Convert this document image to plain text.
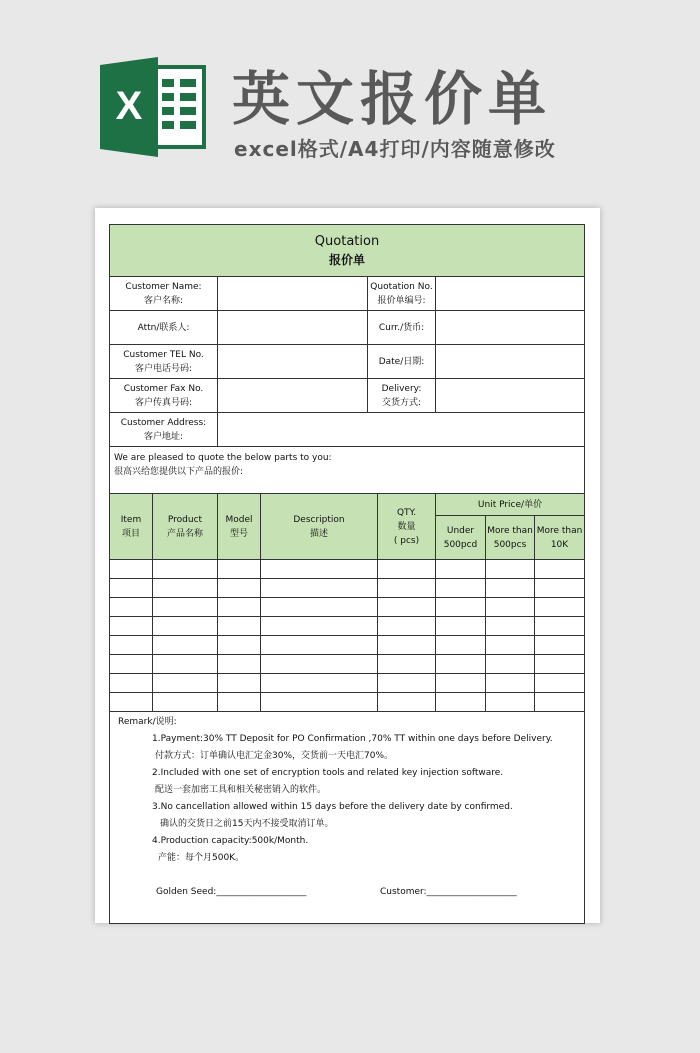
X 英文报价单
excel格式/A4打印/内容随意修改
Quotation
报价单
Customer Name:
客户名称:
Quotation No.
报价单编号:
Attn/联系人:	Curr./货币:
Customer TEL No.
客户电话号码:
Date/日期:
Customer Fax No.
客户传真号码:
Delivery:
交货方式:
Customer Address:
客户地址:
We are pleased to quote the below parts to you:
很高兴给您提供以下产品的报价:
Item
项目
Product
产品名称
Model
型号
Description
描述
QTY.
数量
( pcs)
Unit Price/单价
Under
500pcd
More than
500pcs
More than
10K
Remark/说明:
1.Payment:30% TT Deposit for PO Confirmation ,70% TT within one days before Delivery.
付款方式：订单确认电汇定金30%，交货前一天电汇70%。
2.Included with one set of encryption tools and related key injection software.
配送一套加密工具和相关秘密销入的软件。
3.No cancellation allowed within 15 days before the delivery date by confirmed.
确认的交货日之前15天内不接受取消订单。
4.Production capacity:500k/Month.
产能：每个月500K。
Golden Seed:____________________	Customer:____________________
